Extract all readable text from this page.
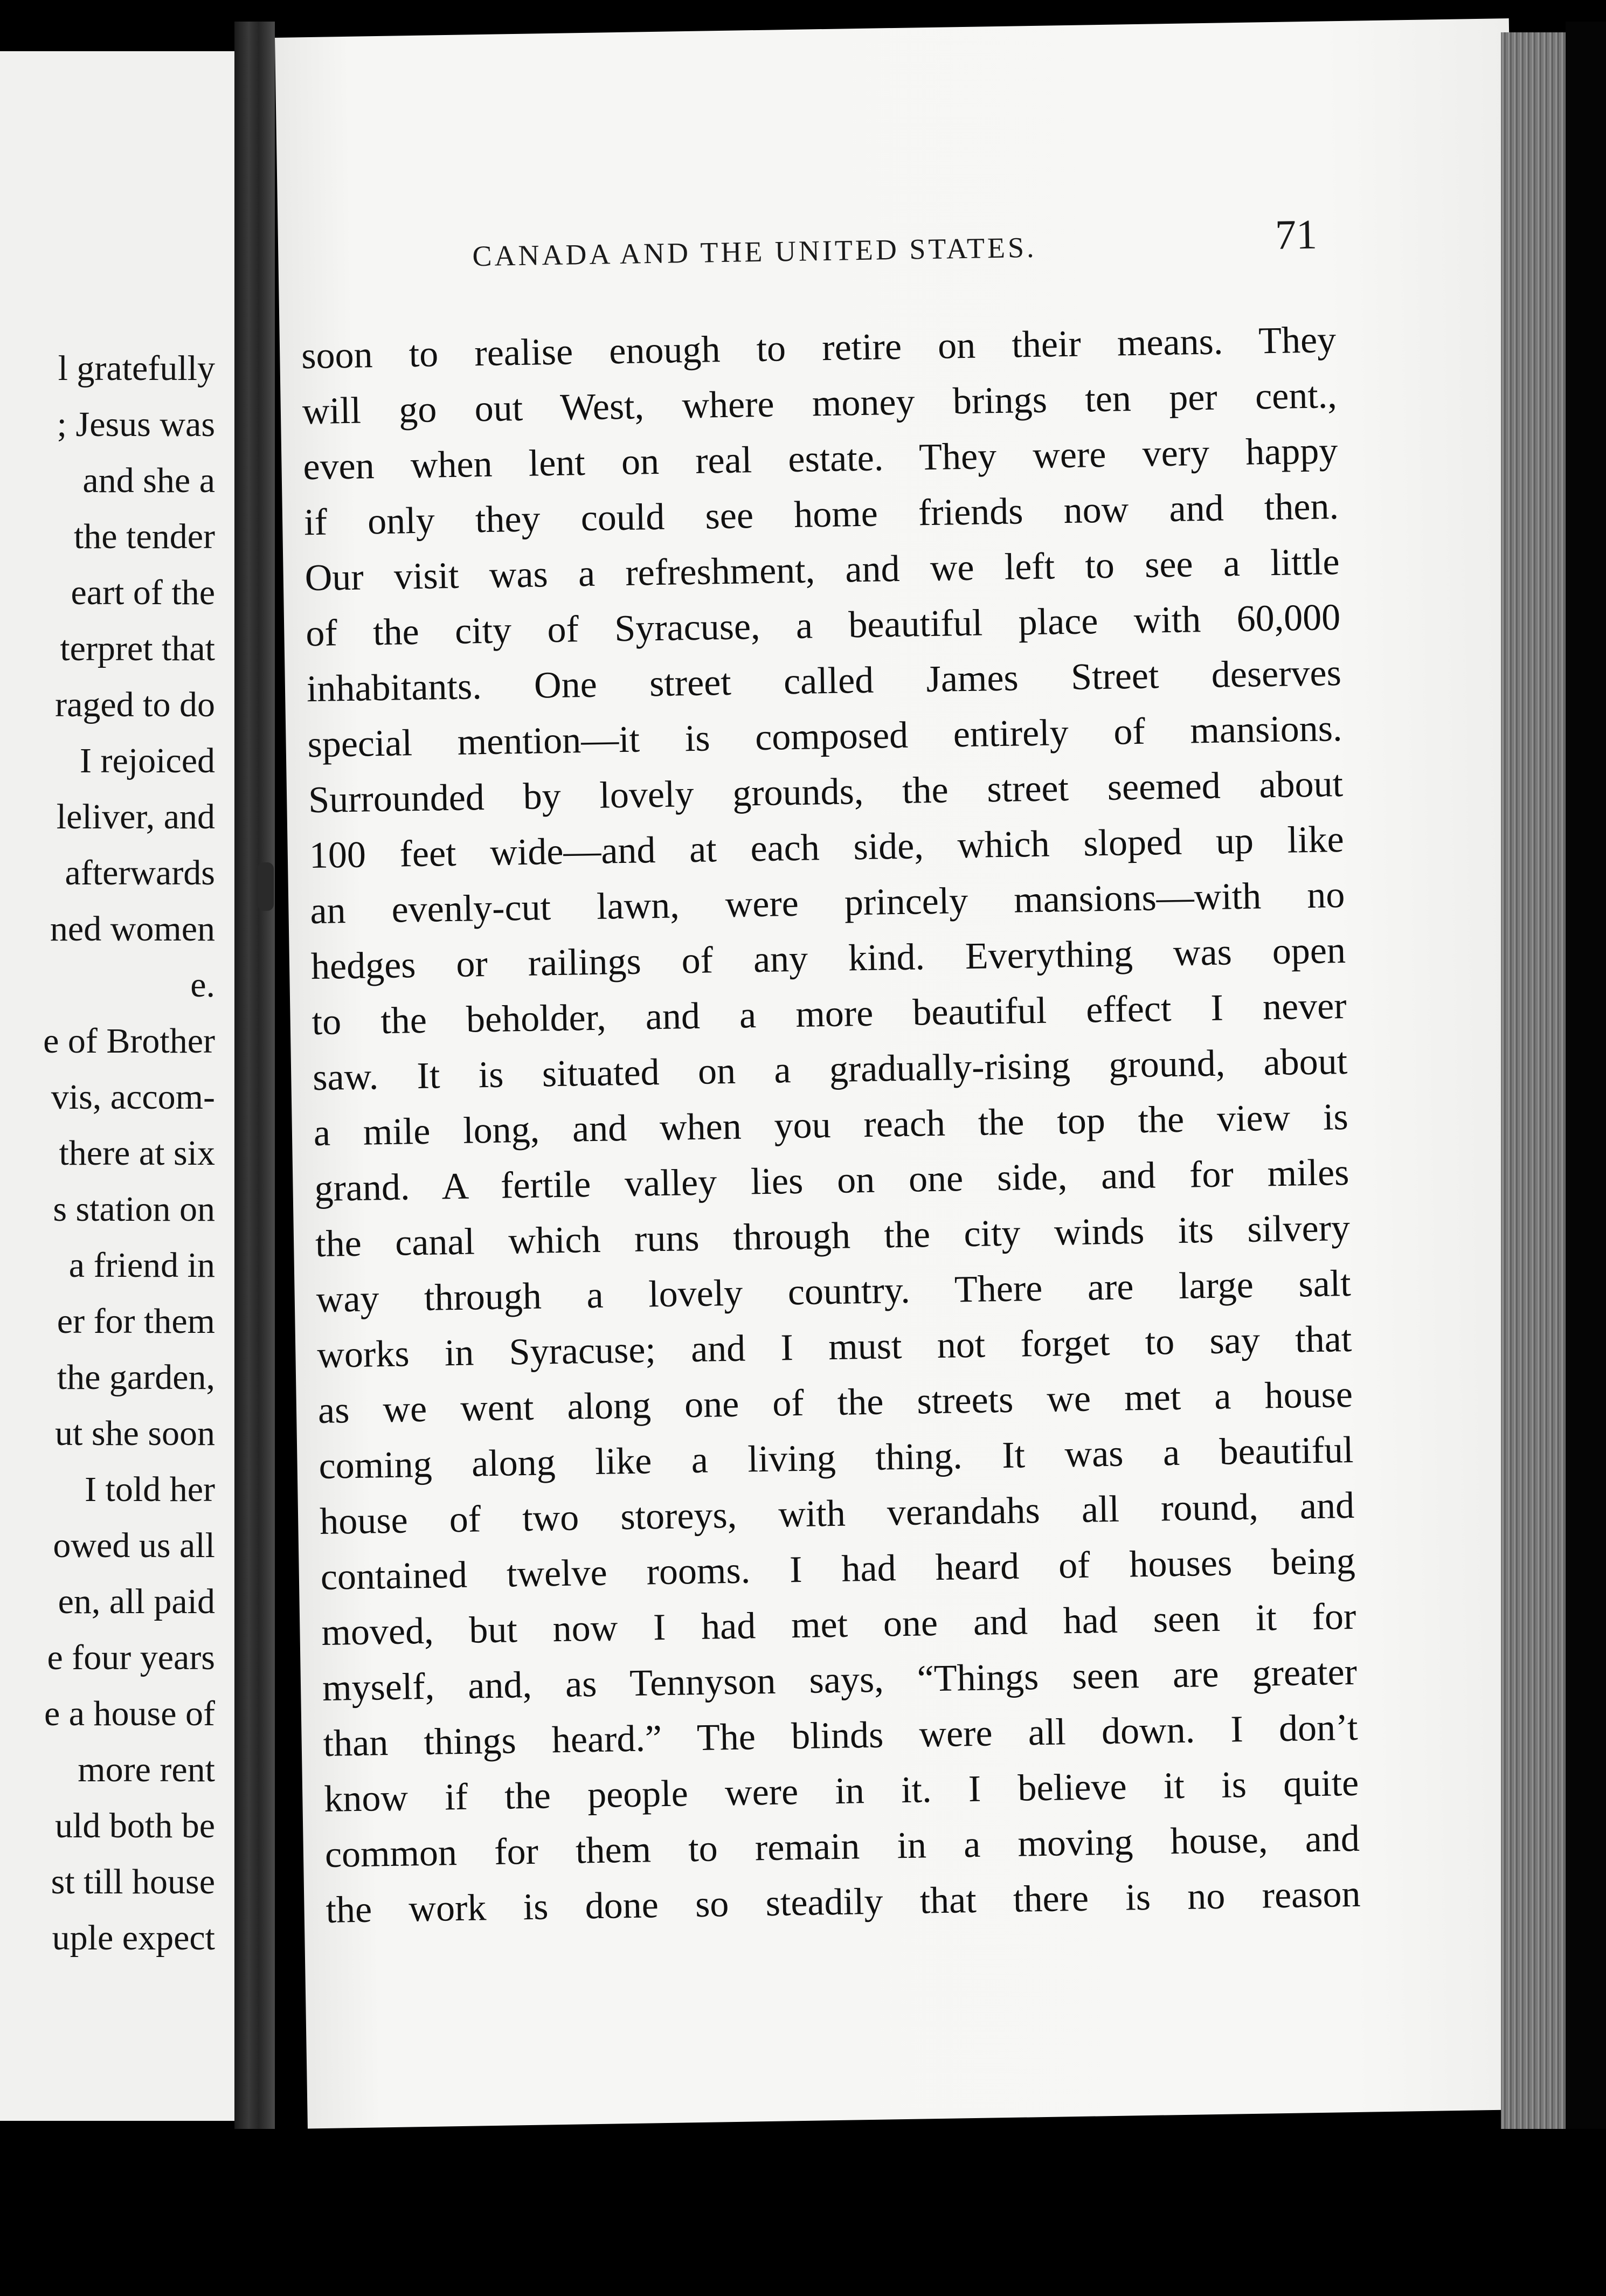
l gratefully
; Jesus was
and she a
the tender
eart of the
terpret that
raged to do
I rejoiced
leliver, and
afterwards
ned women
e.
e of Brother
vis, accom-
there at six
s station on
a friend in
er for them
the garden,
ut she soon
I told her
owed us all
en, all paid
e four years
e a house of
more rent
uld both be
st till house
uple expect
CANADA AND THE UNITED STATES.	71
soon to realise enough to retire on their means. They
will go out West, where money brings ten per cent.,
even when lent on real estate. They were very happy
if only they could see home friends now and then.
Our visit was a refreshment, and we left to see a little
of the city of Syracuse, a beautiful place with 60,000
inhabitants. One street called James Street deserves
special mention—it is composed entirely of mansions.
Surrounded by lovely grounds, the street seemed about
100 feet wide—and at each side, which sloped up like
an evenly-cut lawn, were princely mansions—with no
hedges or railings of any kind. Everything was open
to the beholder, and a more beautiful effect I never
saw. It is situated on a gradually-rising ground, about
a mile long, and when you reach the top the view is
grand. A fertile valley lies on one side, and for miles
the canal which runs through the city winds its silvery
way through a lovely country. There are large salt
works in Syracuse; and I must not forget to say that
as we went along one of the streets we met a house
coming along like a living thing. It was a beautiful
house of two storeys, with verandahs all round, and
contained twelve rooms. I had heard of houses being
moved, but now I had met one and had seen it for
myself, and, as Tennyson says, “Things seen are greater
than things heard.” The blinds were all down. I don’t
know if the people were in it. I believe it is quite
common for them to remain in a moving house, and
the work is done so steadily that there is no reason
